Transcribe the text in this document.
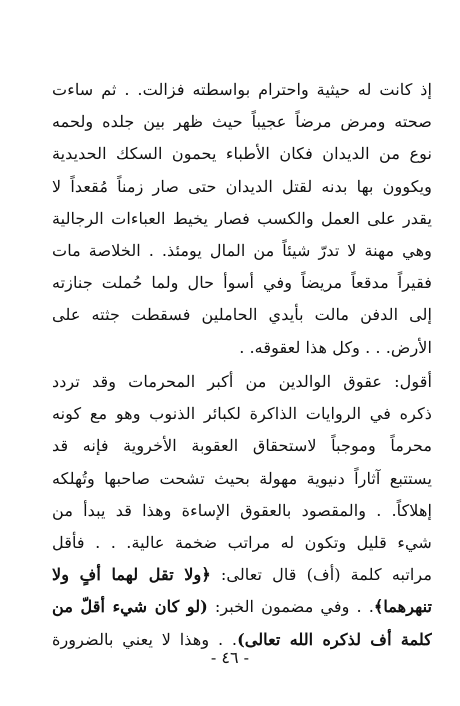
إذ كانت له حيثية واحترام بواسطته فزالت. . ثم ساءت
صحته ومرض مرضاً عجيباً حيث ظهر بين جلده ولحمه
نوع من الديدان فكان الأطباء يحمون السكك الحديدية
ويكوون بها بدنه لقتل الديدان حتى صار زمناً مُقعداً لا
يقدر على العمل والكسب فصار يخيط العباءات الرجالية
وهي مهنة لا تدرّ شيئاً من المال يومئذ. . الخلاصة مات
فقيراً مدقعاً مريضاً وفي أسوأ حال ولما حُملت جنازته
إلى الدفن مالت بأيدي الحاملين فسقطت جثته على
الأرض. . . وكل هذا لعقوقه. .
أقول: عقوق الوالدين من أكبر المحرمات وقد تردد
ذكره في الروايات الذاكرة لكبائر الذنوب وهو مع كونه
محرماً وموجباً لاستحقاق العقوبة الأخروية فإنه قد
يستتبع آثاراً دنيوية مهولة بحيث تشحت صاحبها وتُهلكه
إهلاكاً. . والمقصود بالعقوق الإساءة وهذا قد يبدأ من
شيء قليل وتكون له مراتب ضخمة عالية. . . فأقل
مراتبه كلمة (أف) قال تعالى: ﴿ولا تقل لهما أفٍ ولا
تنهرهما﴾. . وفي مضمون الخبر: (لو كان شيء أقلّ من
كلمة أف لذكره الله تعالى). . وهذا لا يعني بالضرورة
- ٤٦ -
